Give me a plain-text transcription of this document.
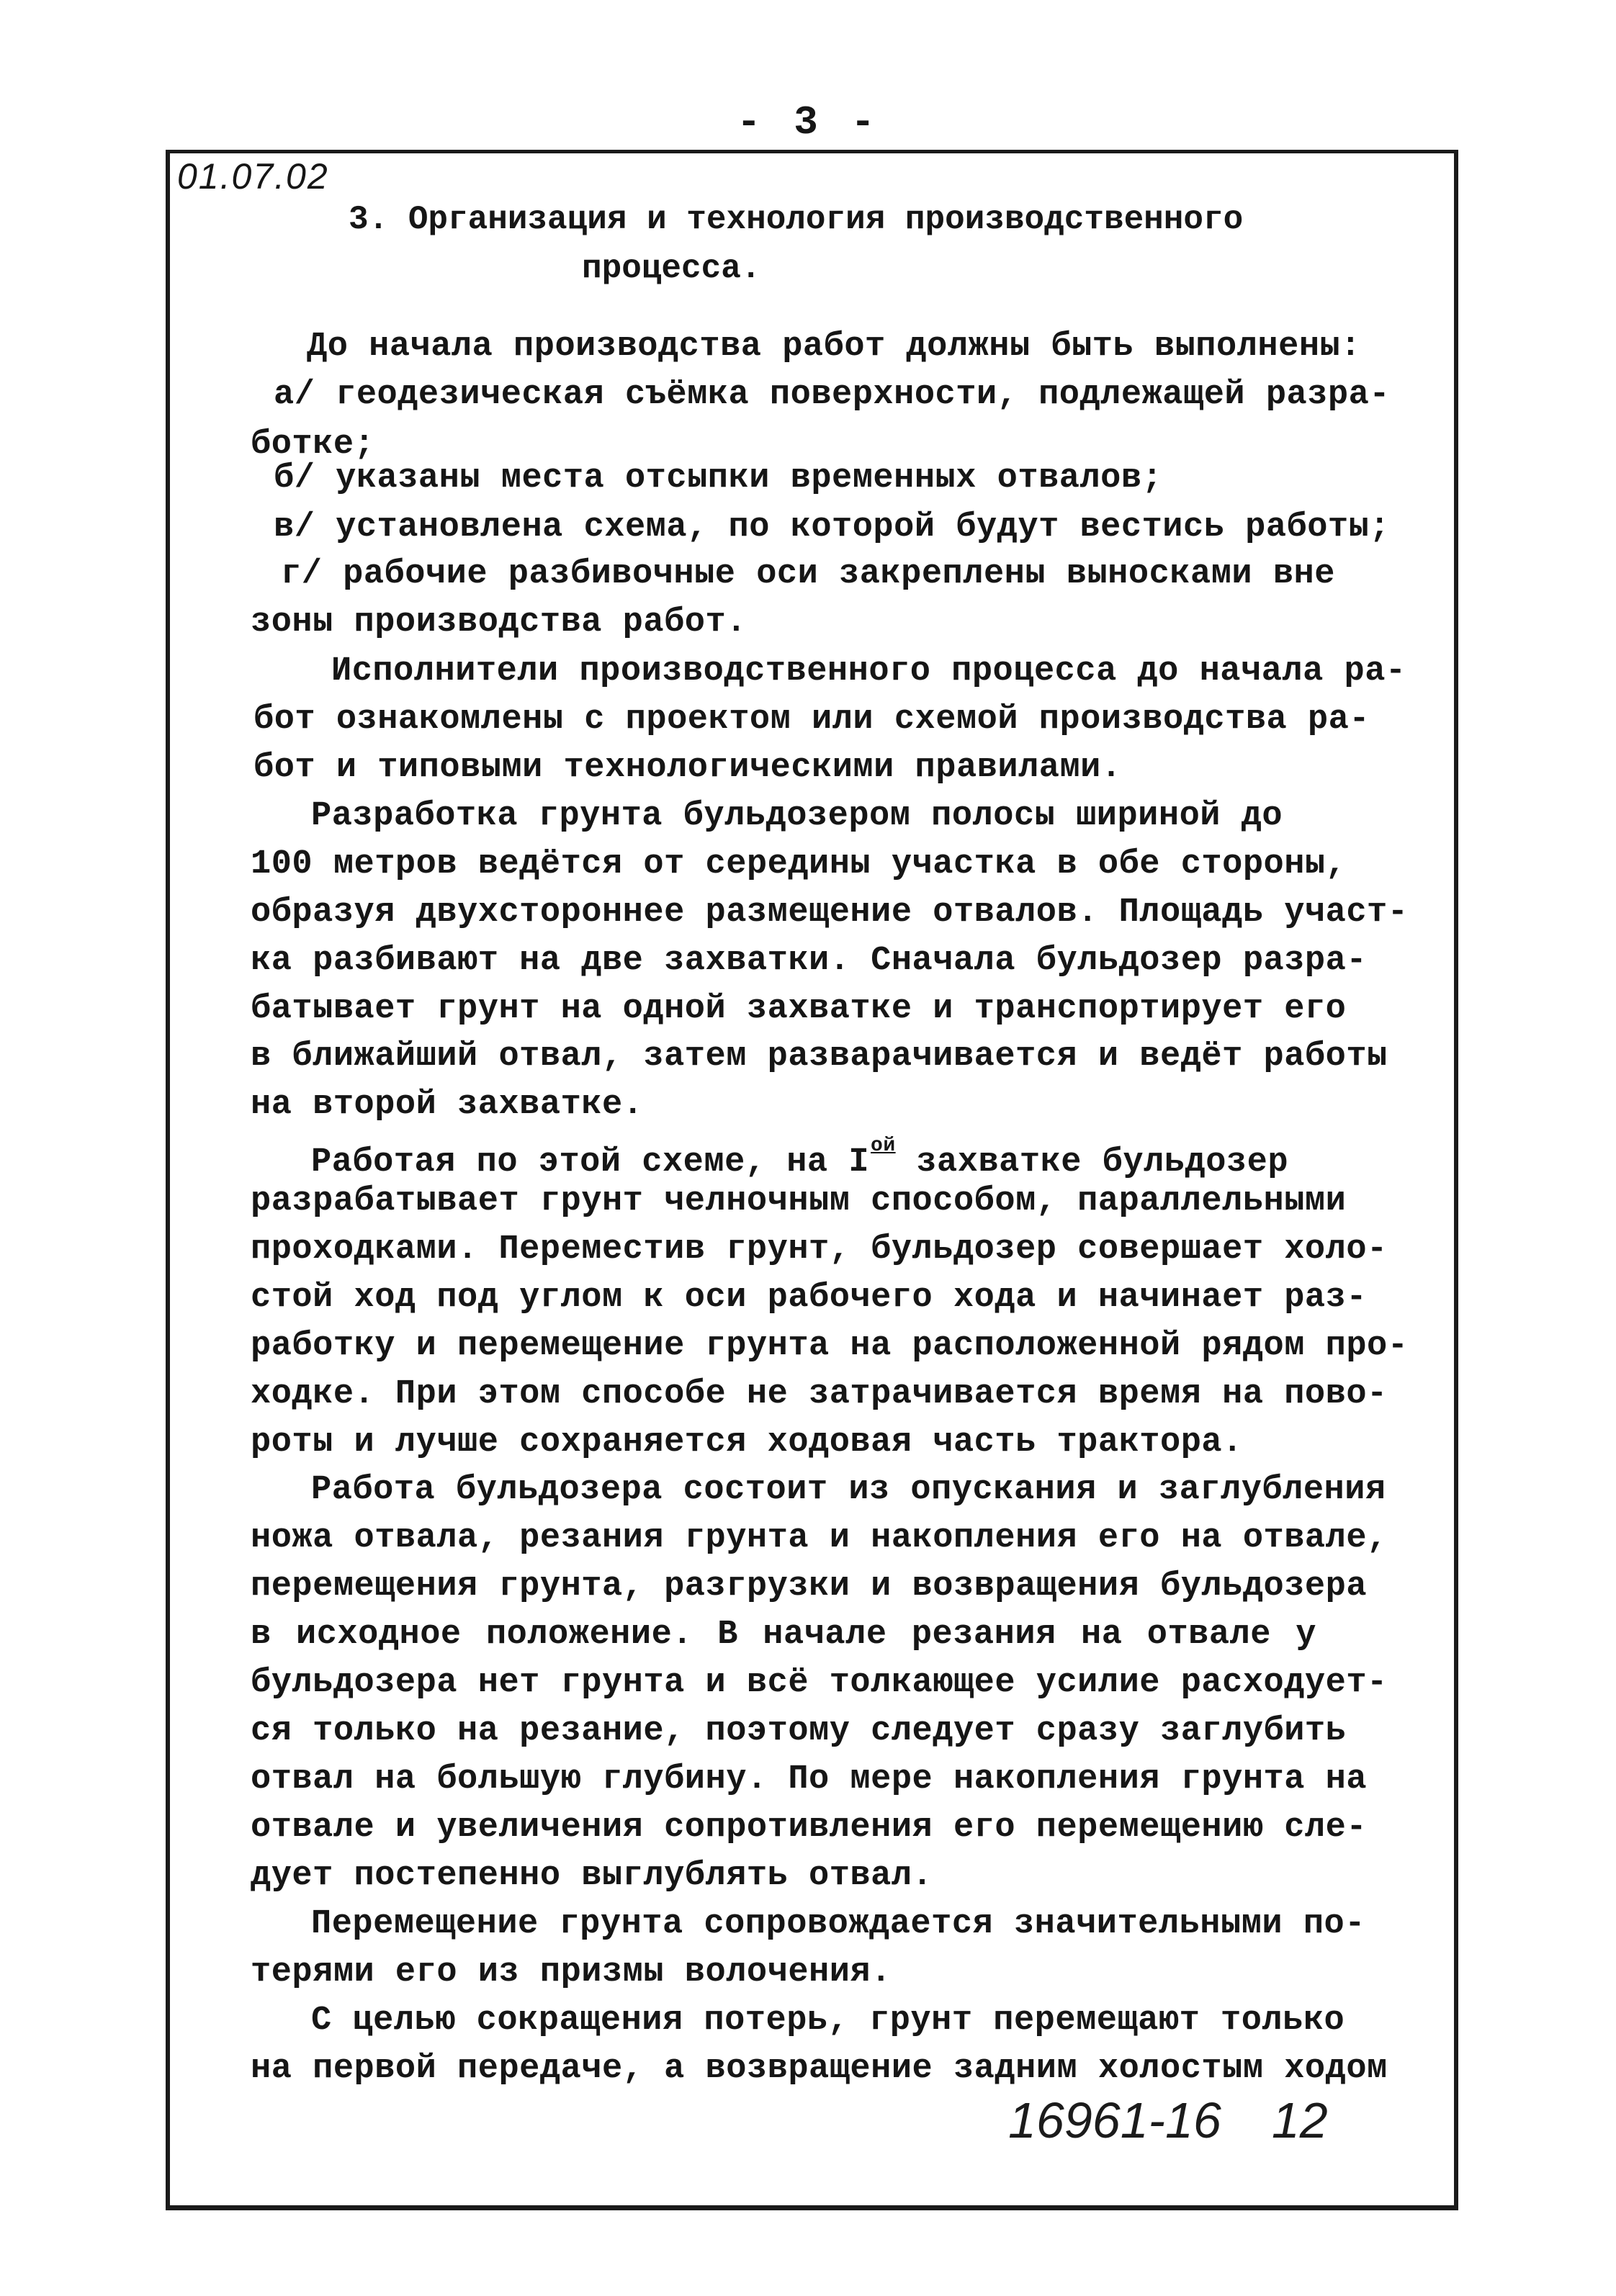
- 3 -
01.07.02
3. Организация и технология производственного
процесса.
До начала производства работ должны быть выполнены:
а/ геодезическая съёмка поверхности, подлежащей разра-
ботке;
б/ указаны места отсыпки временных отвалов;
в/ установлена схема, по которой будут вестись работы;
г/ рабочие разбивочные оси закреплены выносками вне
зоны производства работ.
Исполнители производственного процесса до начала ра-
бот ознакомлены с проектом или схемой производства ра-
бот и типовыми технологическими правилами.
Разработка грунта бульдозером полосы шириной до
100 метров ведётся от середины участка в обе стороны,
образуя двухстороннее размещение отвалов. Площадь участ-
ка разбивают на две захватки. Сначала бульдозер разра-
батывает грунт на одной захватке и транспортирует его
в ближайший отвал, затем разварачивается и ведёт работы
на второй захватке.
Работая по этой схеме, на $I^{ой}$ захватке бульдозер
разрабатывает грунт челночным способом, параллельными
проходками. Переместив грунт, бульдозер совершает холо-
стой ход под углом к оси рабочего хода и начинает раз-
работку и перемещение грунта на расположенной рядом про-
ходке. При этом способе не затрачивается время на пово-
роты и лучше сохраняется ходовая часть трактора.
Работа бульдозера состоит из опускания и заглубления
ножа отвала, резания грунта и накопления его на отвале,
перемещения грунта, разгрузки и возвращения бульдозера
в исходное положение. В начале резания на отвале у
бульдозера нет грунта и всё толкающее усилие расходует-
ся только на резание, поэтому следует сразу заглубить
отвал на большую глубину. По мере накопления грунта на
отвале и увеличения сопротивления его перемещению сле-
дует постепенно выглублять отвал.
Перемещение грунта сопровождается значительными по-
терями его из призмы волочения.
С целью сокращения потерь, грунт перемещают только
на первой передаче, а возвращение задним холостым ходом
16961-16 12
